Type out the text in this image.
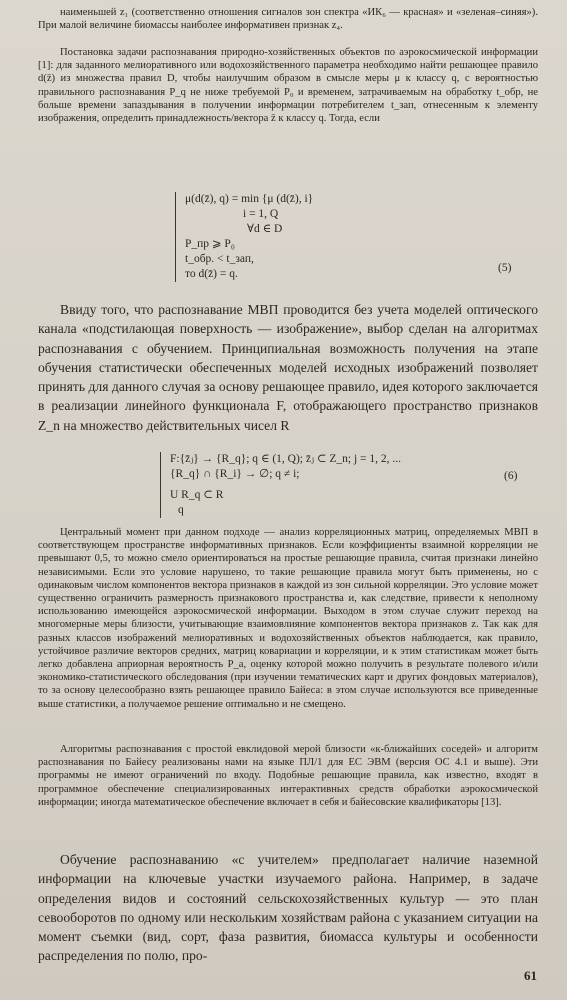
наименьшей z₁ (соответственно отношения сигналов зон спектра «ИК₆ — красная» и «зеленая–синяя»). При малой величине биомассы наиболее информативен признак z₄.
Постановка задачи распознавания природно-хозяйственных объектов по аэрокосмической информации [1]: для заданного мелиоративного или водохозяйственного параметра необходимо найти решающее правило d(z̄) из множества правил D, чтобы наилучшим образом в смысле меры μ к классу q, с вероятностью правильного распознавания P_q не ниже требуемой P₀ и временем, затрачиваемым на обработку t_обр, не больше времени запаздывания в получении информации потребителем t_зап, отнесенным к элементу изображения, определить принадлежность/вектора z̄ к классу q. Тогда, если
μ(d(z̄), q) = min {μ (d(z̄), i}
i = 1, Q
∀d ∈ D
P_пр ⩾ P₀
t_обр. < t_зап,
то d(z̄) = q.	(5)
Ввиду того, что распознавание МВП проводится без учета моделей оптического канала «подстилающая поверхность — изображение», выбор сделан на алгоритмах распознавания с обучением. Принципиальная возможность получения на этапе обучения статистически обеспеченных моделей исходных изображений позволяет принять для данного случая за основу решающее правило, идея которого заключается в реализации линейного функционала F, отображающего пространство признаков Z_n на множество действительных чисел R
F:{z̄ⱼ} → {R_q}; q ∈ (1, Q); z̄ⱼ ⊂ Z_n; j = 1, 2, ...
{R_q} ∩ {R_i} → ∅; q ≠ i;
U R_q ⊂ R
q
(6)
Центральный момент при данном подходе — анализ корреляционных матриц, определяемых МВП в соответствующем пространстве информативных признаков. Если коэффициенты взаимной корреляции не превышают 0,5, то можно смело ориентироваться на простые решающие правила, считая признаки линейно независимыми. Если это условие нарушено, то такие решающие правила могут быть применены, но с одинаковым числом компонентов вектора признаков в каждой из зон сильной корреляции. Это условие может существенно ограничить размерность признакового пространства и, как следствие, привести к неполному использованию имеющейся аэрокосмической информации. Выходом в этом случае служит переход на многомерные меры близости, учитывающие взаимовлияние компонентов вектора признаков z. Так как для разных классов изображений мелиоративных и водохозяйственных объектов наблюдается, как правило, устойчивое различие векторов средних, матриц ковариации и корреляции, и к этим статистикам может быть легко добавлена априорная вероятность P_a, оценку которой можно получить в результате полевого и/или экономико-статистического обследования (при изучении тематических карт и других фондовых материалов), то за основу целесообразно взять решающее правило Байеса: в этом случае используются все приведенные выше статистики, а получаемое решение оптимально и не смещено.
Алгоритмы распознавания с простой евклидовой мерой близости «к-ближайших соседей» и алгоритм распознавания по Байесу реализованы нами на языке ПЛ/1 для ЕС ЭВМ (версия ОС 4.1 и выше). Эти программы не имеют ограничений по входу. Подобные решающие правила, как известно, входят в программное обеспечение специализированных интерактивных средств обработки аэрокосмической информации; иногда математическое обеспечение включает в себя и байесовские квалификаторы [13].
Обучение распознаванию «с учителем» предполагает наличие наземной информации на ключевые участки изучаемого района. Например, в задаче определения видов и состояний сельскохозяйственных культур — это план севооборотов по одному или нескольким хозяйствам района с указанием ситуации на момент съемки (вид, сорт, фаза развития, биомасса культуры и особенности распределения по полю, про-
61
